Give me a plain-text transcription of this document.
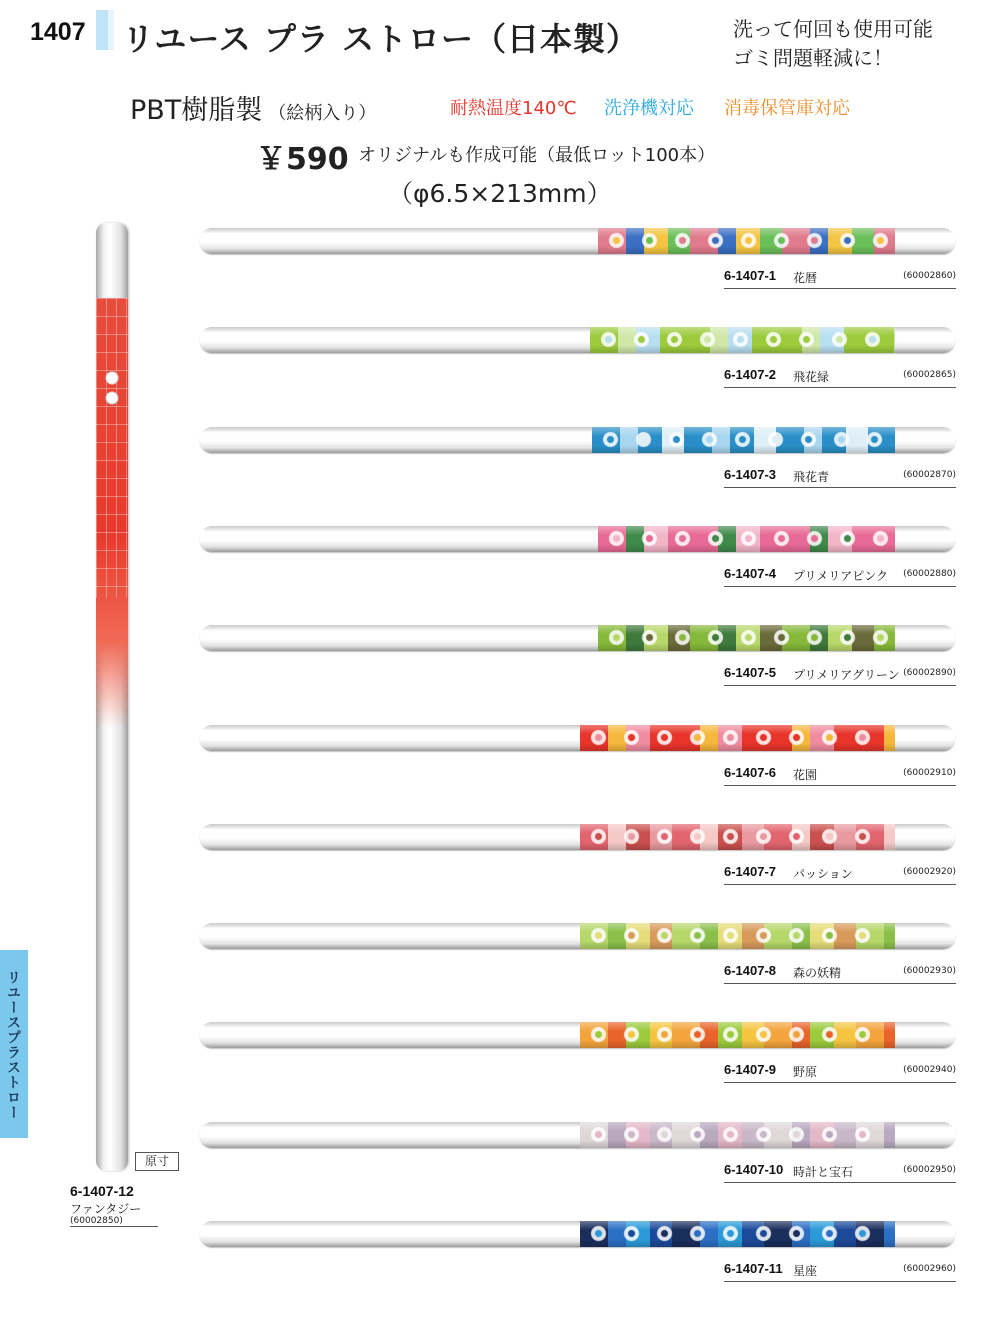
1407 リユース プラ ストロー（日本製）	洗って何回も使用可能
ゴミ問題軽減に！
PBT樹脂製 （絵柄入り）	耐熱温度140℃ 洗浄機対応 消毒保管庫対応
￥590 オリジナルも作成可能（最低ロット100本）
（φ6.5×213mm）
6-1407-1 花暦	(60002860)
6-1407-2 飛花緑	(60002865)
6-1407-3 飛花青	(60002870)
6-1407-4 プリメリアピンク (60002880)
6-1407-5 プリメリアグリーン (60002890)
6-1407-6 花園	(60002910)
6-1407-7 パッション	(60002920)
6-1407-8 森の妖精	(60002930)
6-1407-9 野原	(60002940)
6-1407-10 時計と宝石	(60002950)
6-1407-11 星座	(60002960)
原寸
6-1407-12
ファンタジー
(60002850)
リユースプラストロー
